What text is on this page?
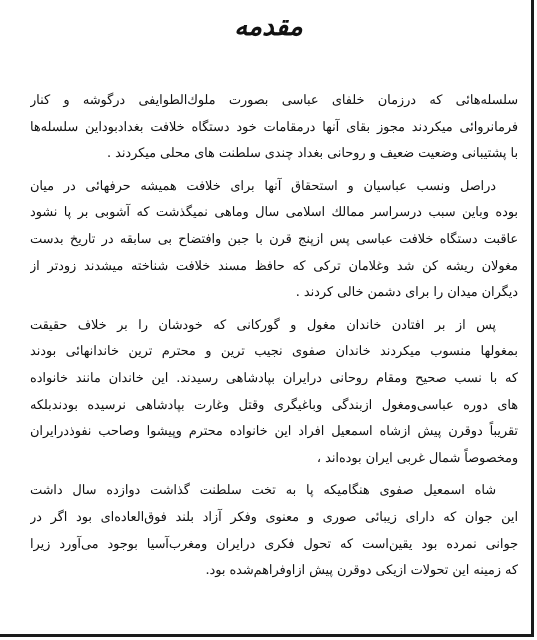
مقدمه
سلسله‌هائی که درزمان خلفای عباسی بصورت ملوك‌الطوایفی درگوشه و کنار
فرمانروائی میکردند مجوز بقای آنها درمقامات خود دستگاه خلافت بغدادبوداین سلسله‌ها
با پشتیبانی وضعیت ضعیف و روحانی بغداد چندی سلطنت های محلی میکردند .
دراصل ونسب عباسیان و استحقاق آنها برای خلافت همیشه حرفهائی در میان
بوده وباین سبب درسراسر ممالك اسلامی سال وماهی نمیگذشت که آشوبی بر پا نشود
عاقبت دستگاه خلافت عباسی پس ازپنج قرن با جبن وافتضاح بی سابقه در تاریخ بدست
مغولان ریشه کن شد وغلامان ترکی که حافظ مسند خلافت شناخته میشدند زودتر از
دیگران میدان را برای دشمن خالی کردند .
پس از بر افتادن خاندان مغول و گورکانی که خودشان را بر خلاف حقیقت
بمغولها منسوب میکردند خاندان صفوی نجیب ترین و محترم ترین خاندانهائی بودند
که با نسب صحیح ومقام روحانی درایران بپادشاهی رسیدند. این خاندان مانند خانواده
های دوره عباسی‌ومغول ازبندگی وباغیگری وقتل وغارت بپادشاهی نرسیده بودندبلکه
تقریباً دوقرن پیش ازشاه اسمعیل افراد این خانواده محترم وپیشوا وصاحب نفوذدرایران
ومخصوصاً شمال غربی ایران بوده‌اند ،
شاه اسمعیل صفوی هنگامیکه پا به تخت سلطنت گذاشت دوازده سال داشت
این جوان که دارای زیبائی صوری و معنوی وفکر آزاد بلند فوق‌العاده‌ای بود اگر در
جوانی نمرده بود یقین‌است که تحول فکری درایران ومغرب‌آسیا بوجود می‌آورد زیرا
که زمینه این تحولات ازیکی دوقرن پیش ازاوفراهم‌شده بود.
